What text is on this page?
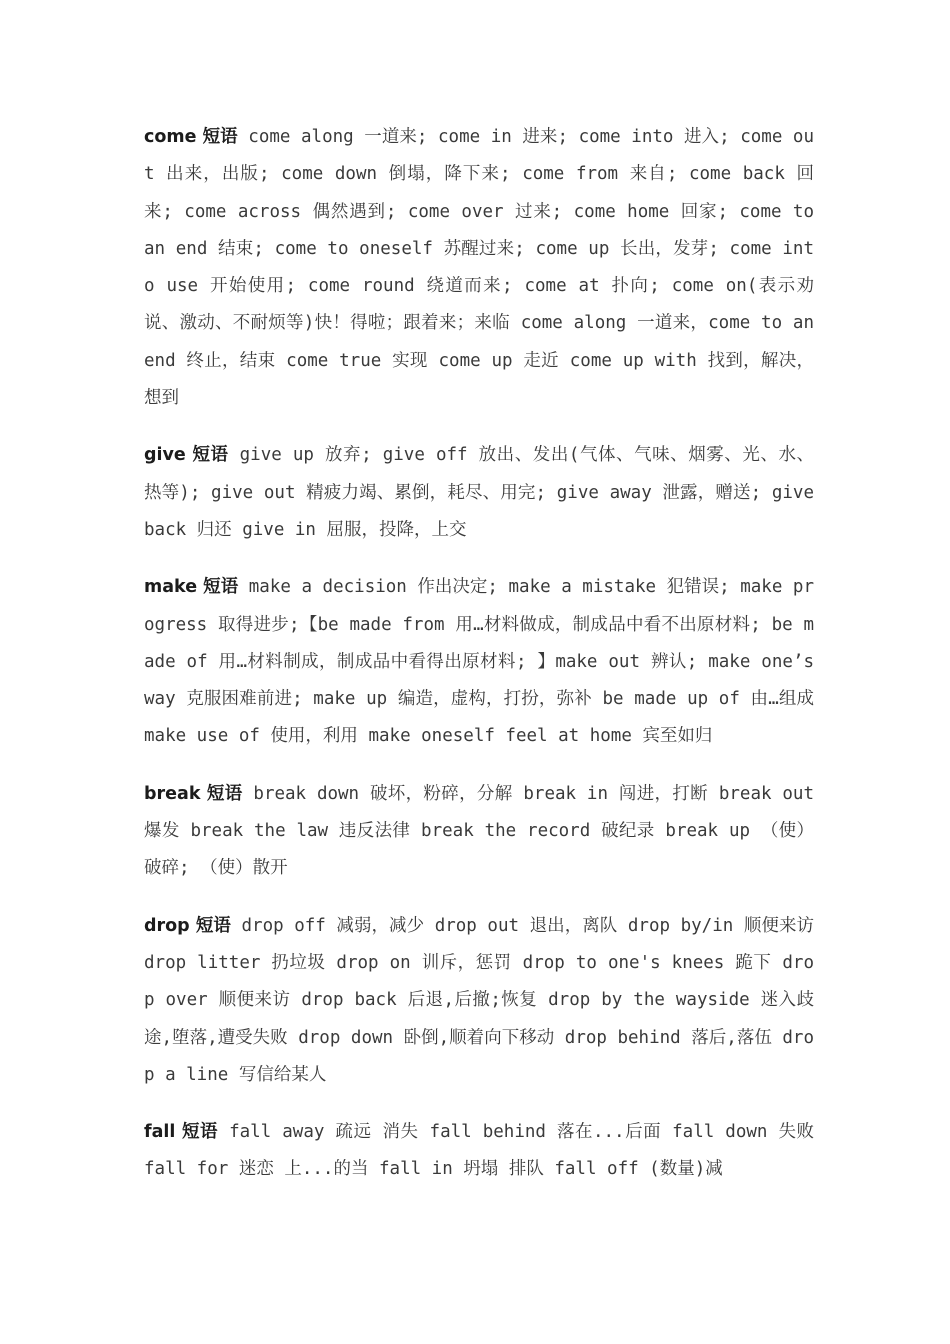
come 短语 come along 一道来; come in 进来; come into 进入; come out 出来，出版; come down 倒塌，降下来; come from 来自; come back 回来; come across 偶然遇到; come over 过来; come home 回家; come to an end 结束; come to oneself 苏醒过来; come up 长出，发芽; come into use 开始使用; come round 绕道而来; come at 扑向; come on(表示劝说、激动、不耐烦等)快！得啦；跟着来；来临 come along 一道来，come to an end 终止，结束 come true 实现 come up 走近 come up with 找到，解决，想到

give 短语 give up 放弃; give off 放出、发出(气体、气味、烟雾、光、水、热等); give out 精疲力竭、累倒，耗尽、用完; give away 泄露，赠送; give back 归还 give in 屈服，投降，上交

make 短语 make a decision 作出决定; make a mistake 犯错误; make progress 取得进步;【be made from 用…材料做成，制成品中看不出原材料; be made of 用…材料制成，制成品中看得出原材料; 】make out 辨认; make one’s way 克服困难前进; make up 编造，虚构，打扮，弥补 be made up of 由…组成 make use of 使用，利用 make oneself feel at home 宾至如归

break 短语 break down 破坏，粉碎，分解 break in 闯进，打断 break out 爆发 break the law 违反法律 break the record 破纪录 break up （使）破碎; （使）散开

drop 短语 drop off 减弱，减少 drop out 退出，离队 drop by/in 顺便来访 drop litter 扔垃圾 drop on 训斥，惩罚 drop to one's knees 跪下 drop over 顺便来访 drop back 后退,后撤;恢复 drop by the wayside 迷入歧途,堕落,遭受失败 drop down 卧倒,顺着向下移动 drop behind 落后,落伍 drop a line 写信给某人

fall 短语 fall away 疏远 消失 fall behind 落在...后面 fall down 失败 fall for 迷恋 上...的当 fall in 坍塌 排队 fall off (数量)减
